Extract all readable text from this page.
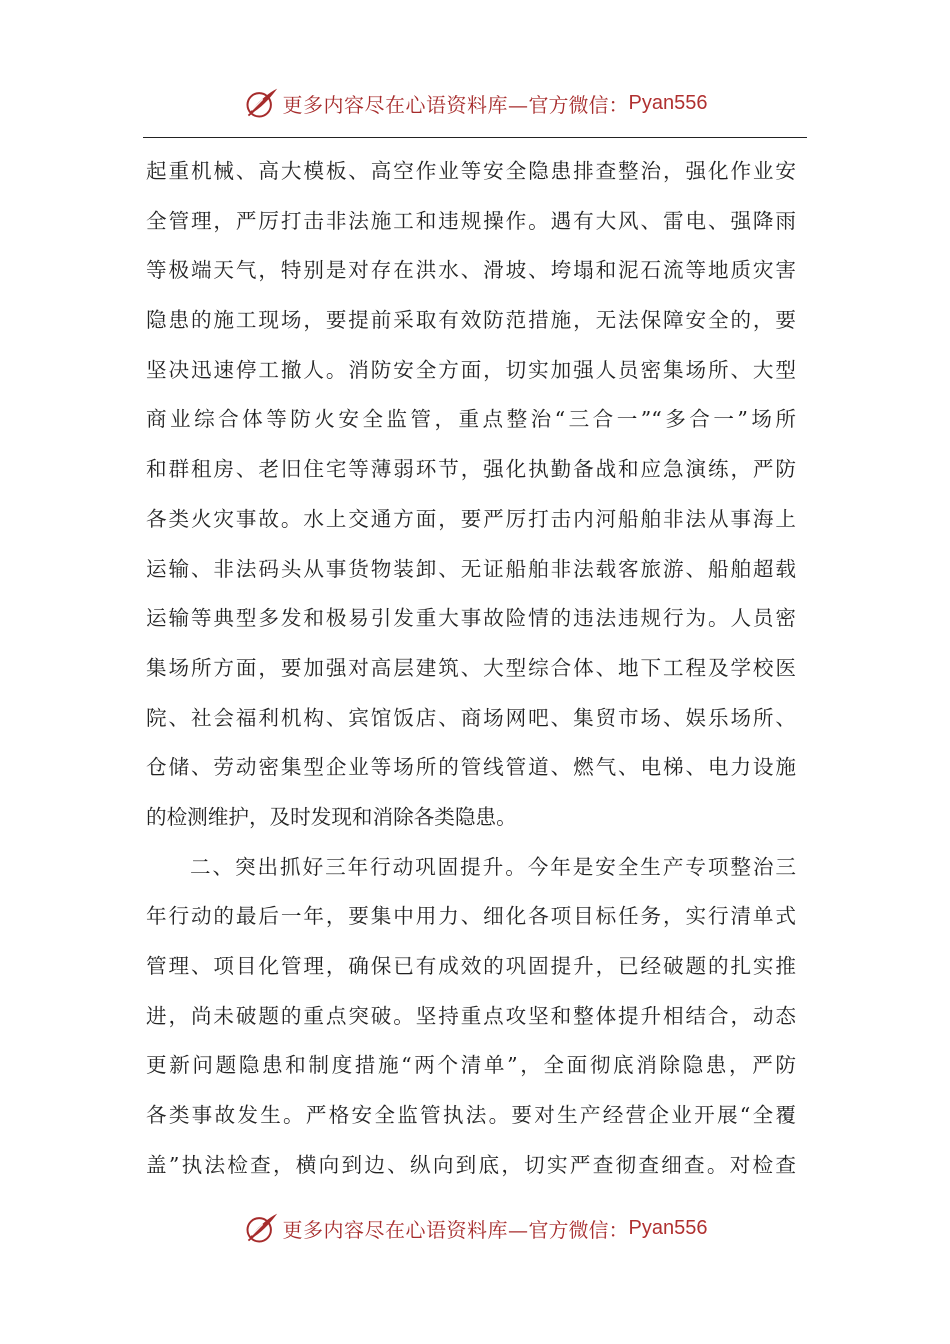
更多内容尽在心语资料库— 官方微信： Pyan556
起重机械、高大模板、高空作业等安全隐患排查整治，强化作业安
全管理，严厉打击非法施工和违规操作。遇有大风、雷电、强降雨
等极端天气，特别是对存在洪水、滑坡、垮塌和泥石流等地质灾害
隐患的施工现场，要提前采取有效防范措施，无法保障安全的，要
坚决迅速停工撤人。消防安全方面，切实加强人员密集场所、大型
商业综合体等防火安全监管，重点整治“三合一”“多合一”场所
和群租房、老旧住宅等薄弱环节，强化执勤备战和应急演练，严防
各类火灾事故。水上交通方面，要严厉打击内河船舶非法从事海上
运输、非法码头从事货物装卸、无证船舶非法载客旅游、船舶超载
运输等典型多发和极易引发重大事故险情的违法违规行为。人员密
集场所方面，要加强对高层建筑、大型综合体、地下工程及学校医
院、社会福利机构、宾馆饭店、商场网吧、集贸市场、娱乐场所、
仓储、劳动密集型企业等场所的管线管道、燃气、电梯、电力设施
的检测维护，及时发现和消除各类隐患。
二、突出抓好三年行动巩固提升。今年是安全生产专项整治三
年行动的最后一年，要集中用力、细化各项目标任务，实行清单式
管理、项目化管理，确保已有成效的巩固提升，已经破题的扎实推
进，尚未破题的重点突破。坚持重点攻坚和整体提升相结合，动态
更新问题隐患和制度措施“两个清单”，全面彻底消除隐患，严防
各类事故发生。严格安全监管执法。要对生产经营企业开展“全覆
盖”执法检查，横向到边、纵向到底，切实严查彻查细查。对检查
更多内容尽在心语资料库— 官方微信： Pyan556
